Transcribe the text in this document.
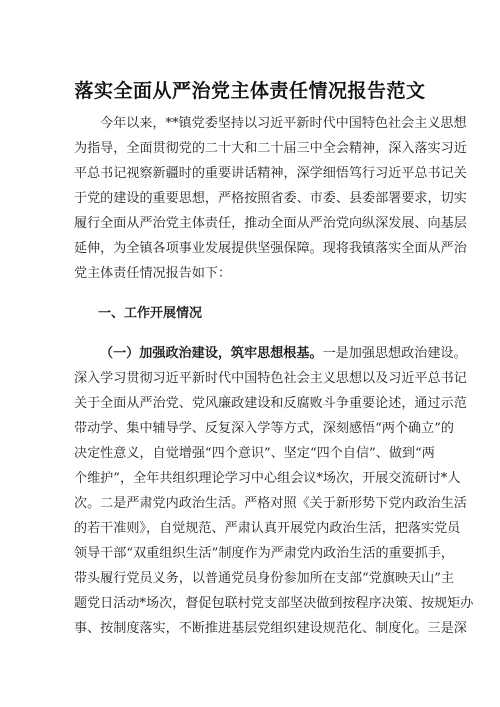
落实全面从严治党主体责任情况报告范文
今年以来，**镇党委坚持以习近平新时代中国特色社会主义思想
为指导，全面贯彻党的二十大和二十届三中全会精神，深入落实习近
平总书记视察新疆时的重要讲话精神，深学细悟笃行习近平总书记关
于党的建设的重要思想，严格按照省委、市委、县委部署要求，切实
履行全面从严治党主体责任，推动全面从严治党向纵深发展、向基层
延伸，为全镇各项事业发展提供坚强保障。现将我镇落实全面从严治
党主体责任情况报告如下：
一、工作开展情况
（一）加强政治建设，筑牢思想根基。一是加强思想政治建设。
深入学习贯彻习近平新时代中国特色社会主义思想以及习近平总书记
关于全面从严治党、党风廉政建设和反腐败斗争重要论述，通过示范
带动学、集中辅导学、反复深入学等方式，深刻感悟“两个确立”的
决定性意义，自觉增强“四个意识”、坚定“四个自信”、做到“两
个维护”，全年共组织理论学习中心组会议*场次，开展交流研讨*人
次。二是严肃党内政治生活。严格对照《关于新形势下党内政治生活
的若干准则》，自觉规范、严肃认真开展党内政治生活，把落实党员
领导干部“双重组织生活”制度作为严肃党内政治生活的重要抓手，
带头履行党员义务，以普通党员身份参加所在支部“党旗映天山”主
题党日活动*场次，督促包联村党支部坚决做到按程序决策、按规矩办
事、按制度落实，不断推进基层党组织建设规范化、制度化。三是深
